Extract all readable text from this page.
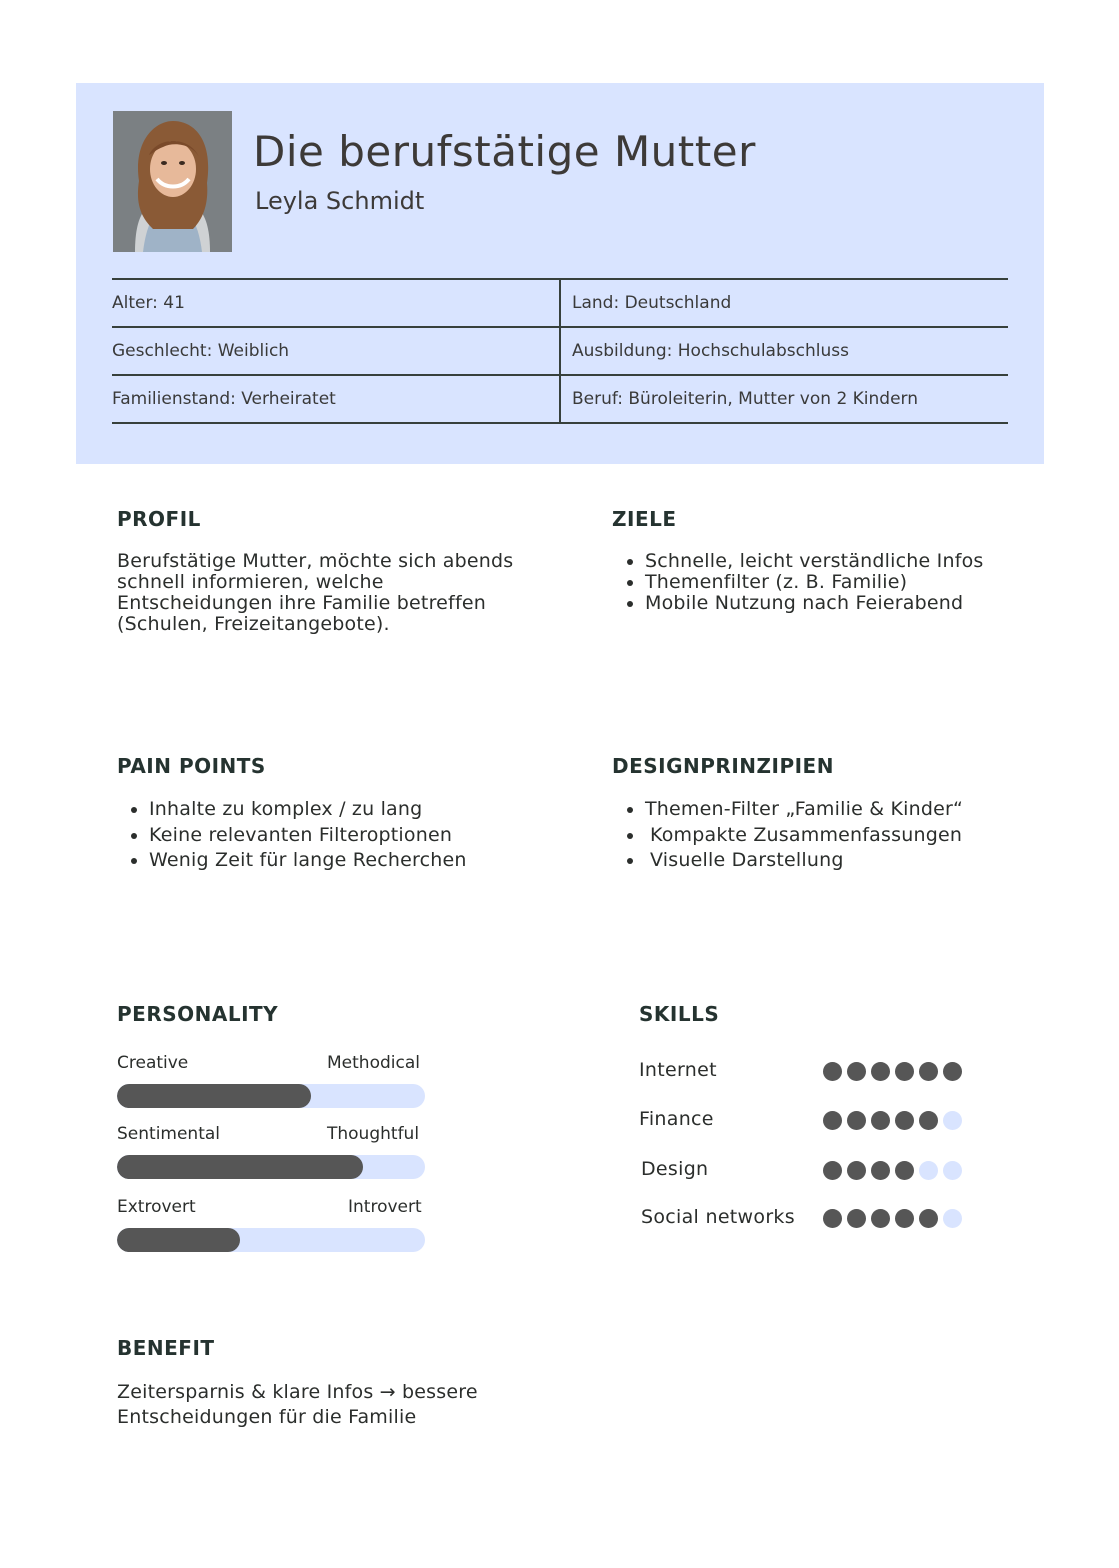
Die berufstätige Mutter
Leyla Schmidt
Alter: 41	Land: Deutschland
Geschlecht: Weiblich	Ausbildung: Hochschulabschluss
Familienstand: Verheiratet	Beruf: Büroleiterin, Mutter von 2 Kindern
PROFIL
Berufstätige Mutter, möchte sich abends
schnell informieren, welche
Entscheidungen ihre Familie betreffen
(Schulen, Freizeitangebote).
ZIELE
• Schnelle, leicht verständliche Infos
• Themenfilter (z. B. Familie)
• Mobile Nutzung nach Feierabend
PAIN POINTS
• Inhalte zu komplex / zu lang
• Keine relevanten Filteroptionen
• Wenig Zeit für lange Recherchen
DESIGNPRINZIPIEN
• Themen-Filter „Familie & Kinder“
• Kompakte Zusammenfassungen
• Visuelle Darstellung
PERSONALITY
Creative	Methodical
Sentimental	Thoughtful
Extrovert	Introvert
SKILLS
Internet
Finance
Design
Social networks
BENEFIT
Zeitersparnis & klare Infos → bessere
Entscheidungen für die Familie
